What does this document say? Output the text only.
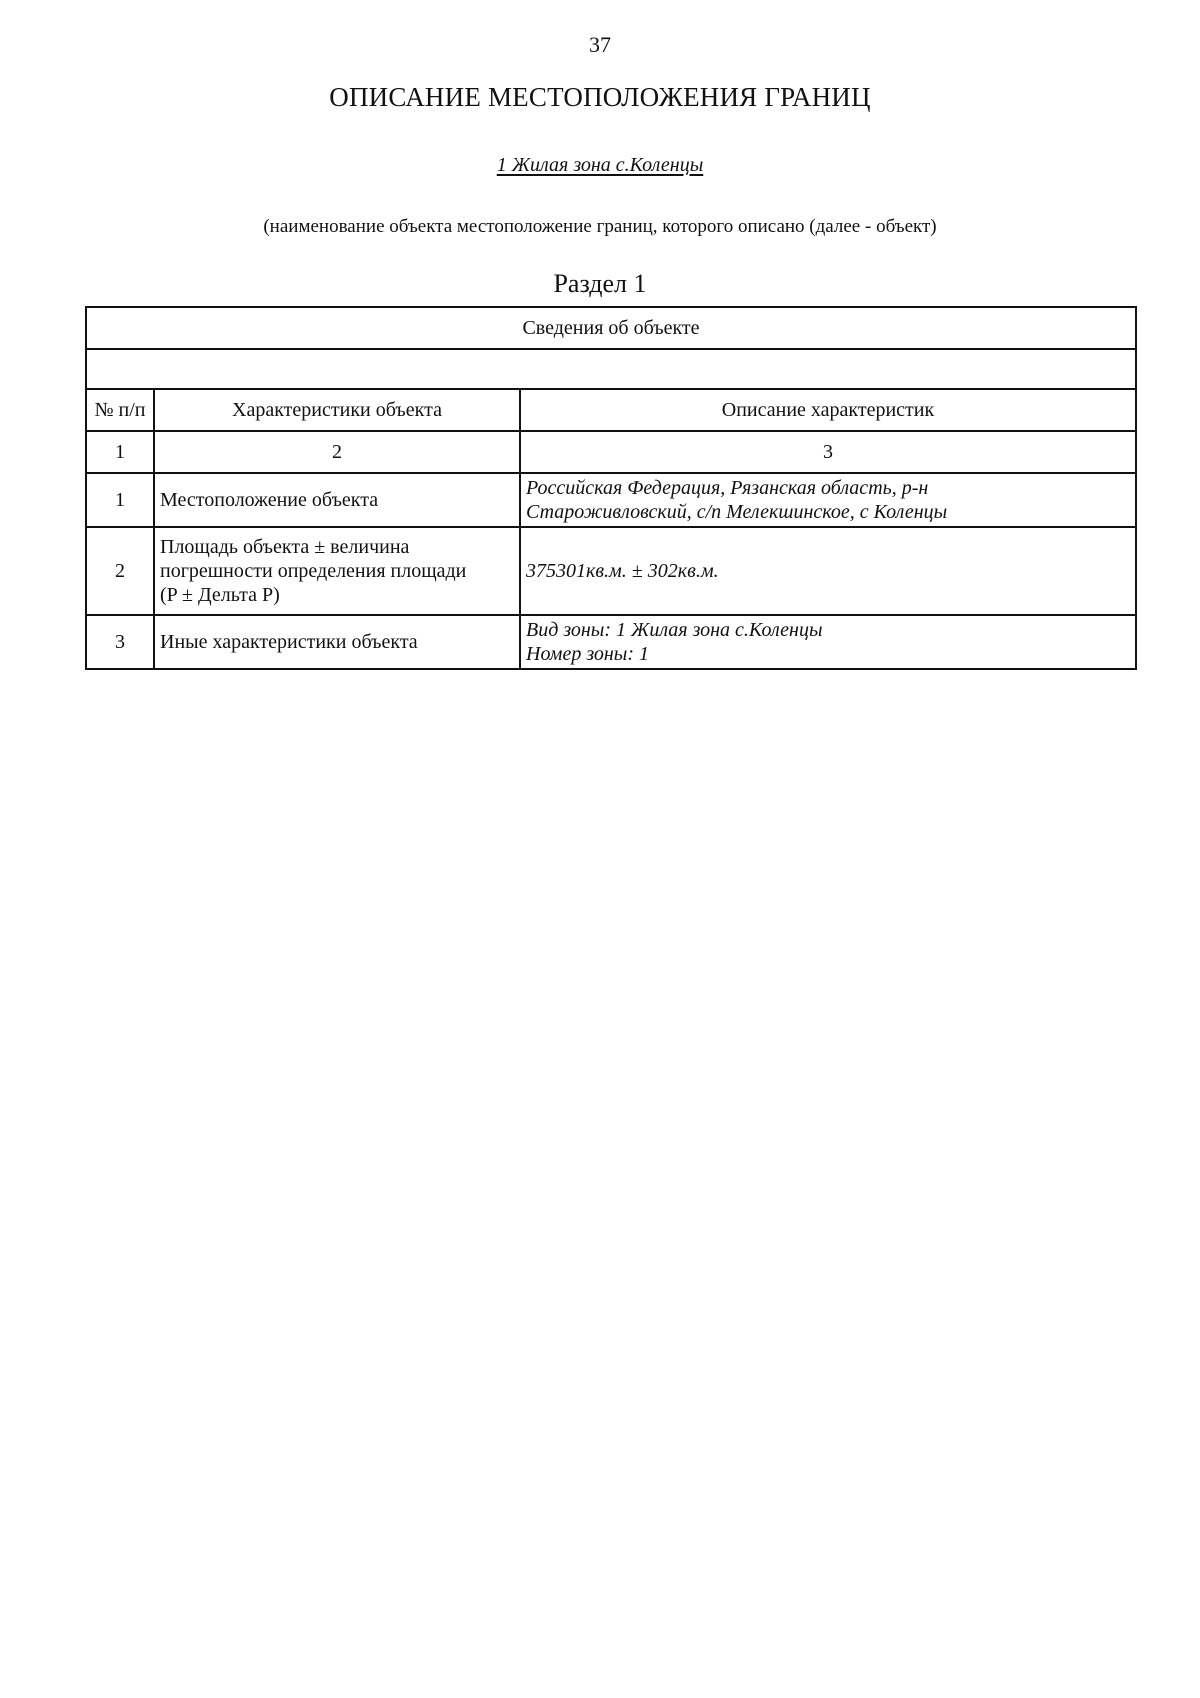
37
ОПИСАНИЕ МЕСТОПОЛОЖЕНИЯ ГРАНИЦ
1 Жилая зона с.Коленцы
(наименование объекта местоположение границ, которого описано (далее - объект)
Раздел 1
Сведения об объекте		

№ п/п	Характеристики объекта	Описание характеристик
1	2	3
1	Местоположение объекта	Российская Федерация, Рязанская область, р-н
Староживловский, с/п Мелекшинское, с Коленцы

2	Площадь объекта ± величина
погрешности определения площади
(P ± Дельта P)	375301кв.м. ± 302кв.м.
3	Иные характеристики объекта	Вид зоны: 1 Жилая зона с.Коленцы
Номер зоны: 1
